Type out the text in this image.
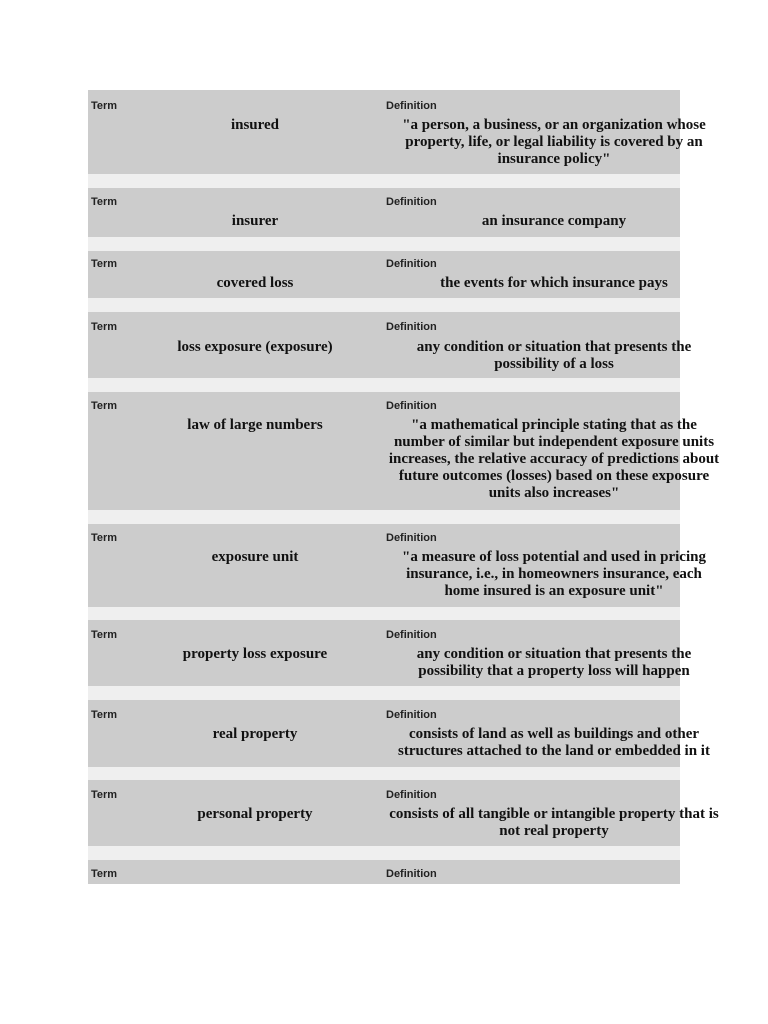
Term	Definition
insured	"a person, a business, or an organization whose property, life, or legal liability is covered by an insurance policy"
Term	Definition
insurer	an insurance company
Term	Definition
covered loss	the events for which insurance pays
Term	Definition
loss exposure (exposure)	any condition or situation that presents the possibility of a loss
Term	Definition
law of large numbers	"a mathematical principle stating that as the number of similar but independent exposure units increases, the relative accuracy of predictions about future outcomes (losses) based on these exposure units also increases"
Term	Definition
exposure unit	"a measure of loss potential and used in pricing insurance, i.e., in homeowners insurance, each home insured is an exposure unit"
Term	Definition
property loss exposure	any condition or situation that presents the possibility that a property loss will happen
Term	Definition
real property	consists of land as well as buildings and other structures attached to the land or embedded in it
Term	Definition
personal property	consists of all tangible or intangible property that is not real property
Term	Definition
